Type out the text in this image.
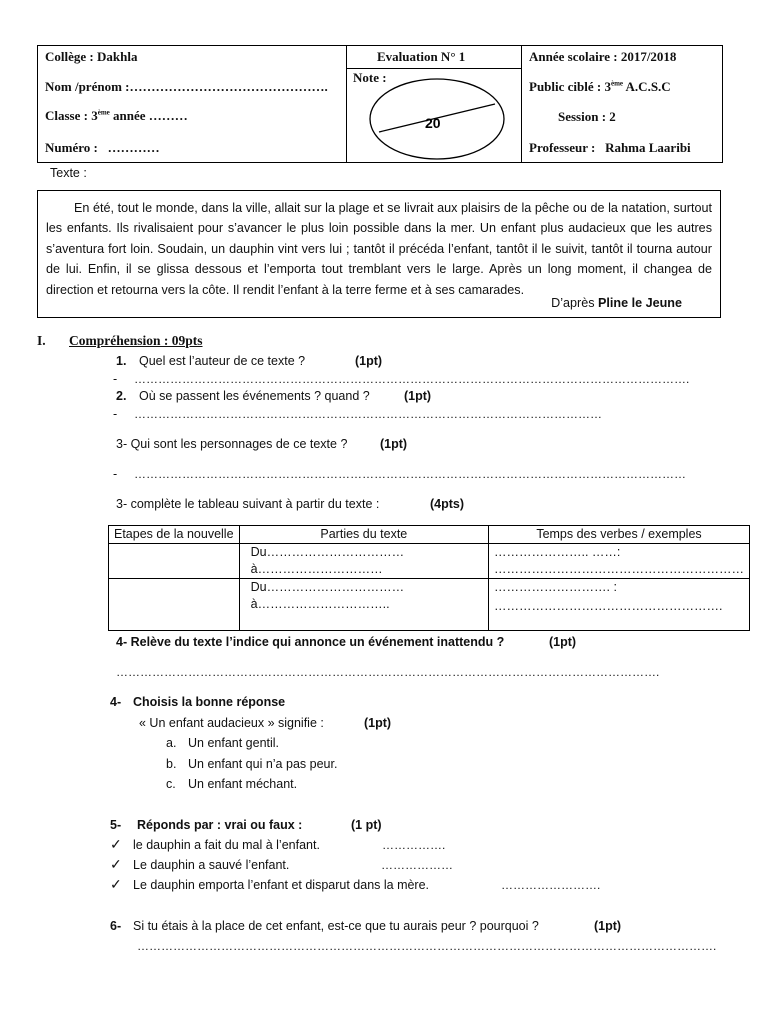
Collège : Dakhla
Nom /prénom :……………………………………….
Classe : 3ème année ………
Numéro : …………
Evaluation N° 1
Note :
20
Année scolaire : 2017/2018
Public ciblé : 3ème A.C.S.C
Session : 2
Professeur : Rahma Laaribi
Texte :
En été, tout le monde, dans la ville, allait sur la plage et se livrait aux plaisirs de la pêche ou de la natation, surtout les enfants. Ils rivalisaient pour s’avancer le plus loin possible dans la mer. Un enfant plus audacieux que les autres s’aventura fort loin. Soudain, un dauphin vint vers lui ; tantôt il précéda l’enfant, tantôt il le suivit, tantôt il tourna autour de lui. Enfin, il se glissa dessous et l’emporta tout tremblant vers le large. Après un long moment, il changea de direction et retourna vers la côte. Il rendit l’enfant à la terre ferme et à ses camarades.
D’après Pline le Jeune
I. Compréhension : 09pts
1. Quel est l’auteur de ce texte ?	(1pt)
- ………………………………………………………………………………………………………………………….
2. Où se passent les événements ? quand ?	(1pt)
- ………………………………………………………………………………………………………
3- Qui sont les personnages de ce texte ?	(1pt)
- …………………………………………………………………………………………………………………………
3- complète le tableau suivant à partir du texte :	(4pts)
Etapes de la nouvelle	Parties du texte	Temps des verbes / exemples

	Du……………………………à…………………………	………………….. ……:
……………………………………………………

	Du……………………………à…………………………..	………………………. :
……………………………………………….
4- Relève du texte l’indice qui annonce un événement inattendu ?	(1pt)
……………………………………………………………………………………………………………………….
4- Choisis la bonne réponse
« Un enfant audacieux » signifie :	(1pt)
a. Un enfant gentil.
b. Un enfant qui n’a pas peur.
c. Un enfant méchant.
5- Réponds par : vrai ou faux :	(1 pt)
✓ le dauphin a fait du mal à l’enfant.	…………….
✓ Le dauphin a sauvé l’enfant.	………………
✓ Le dauphin emporta l’enfant et disparut dans la mère.	…………………….
6- Si tu étais à la place de cet enfant, est-ce que tu aurais peur ? pourquoi ?	(1pt)
……………………………………………………………………………………………………………………………….
